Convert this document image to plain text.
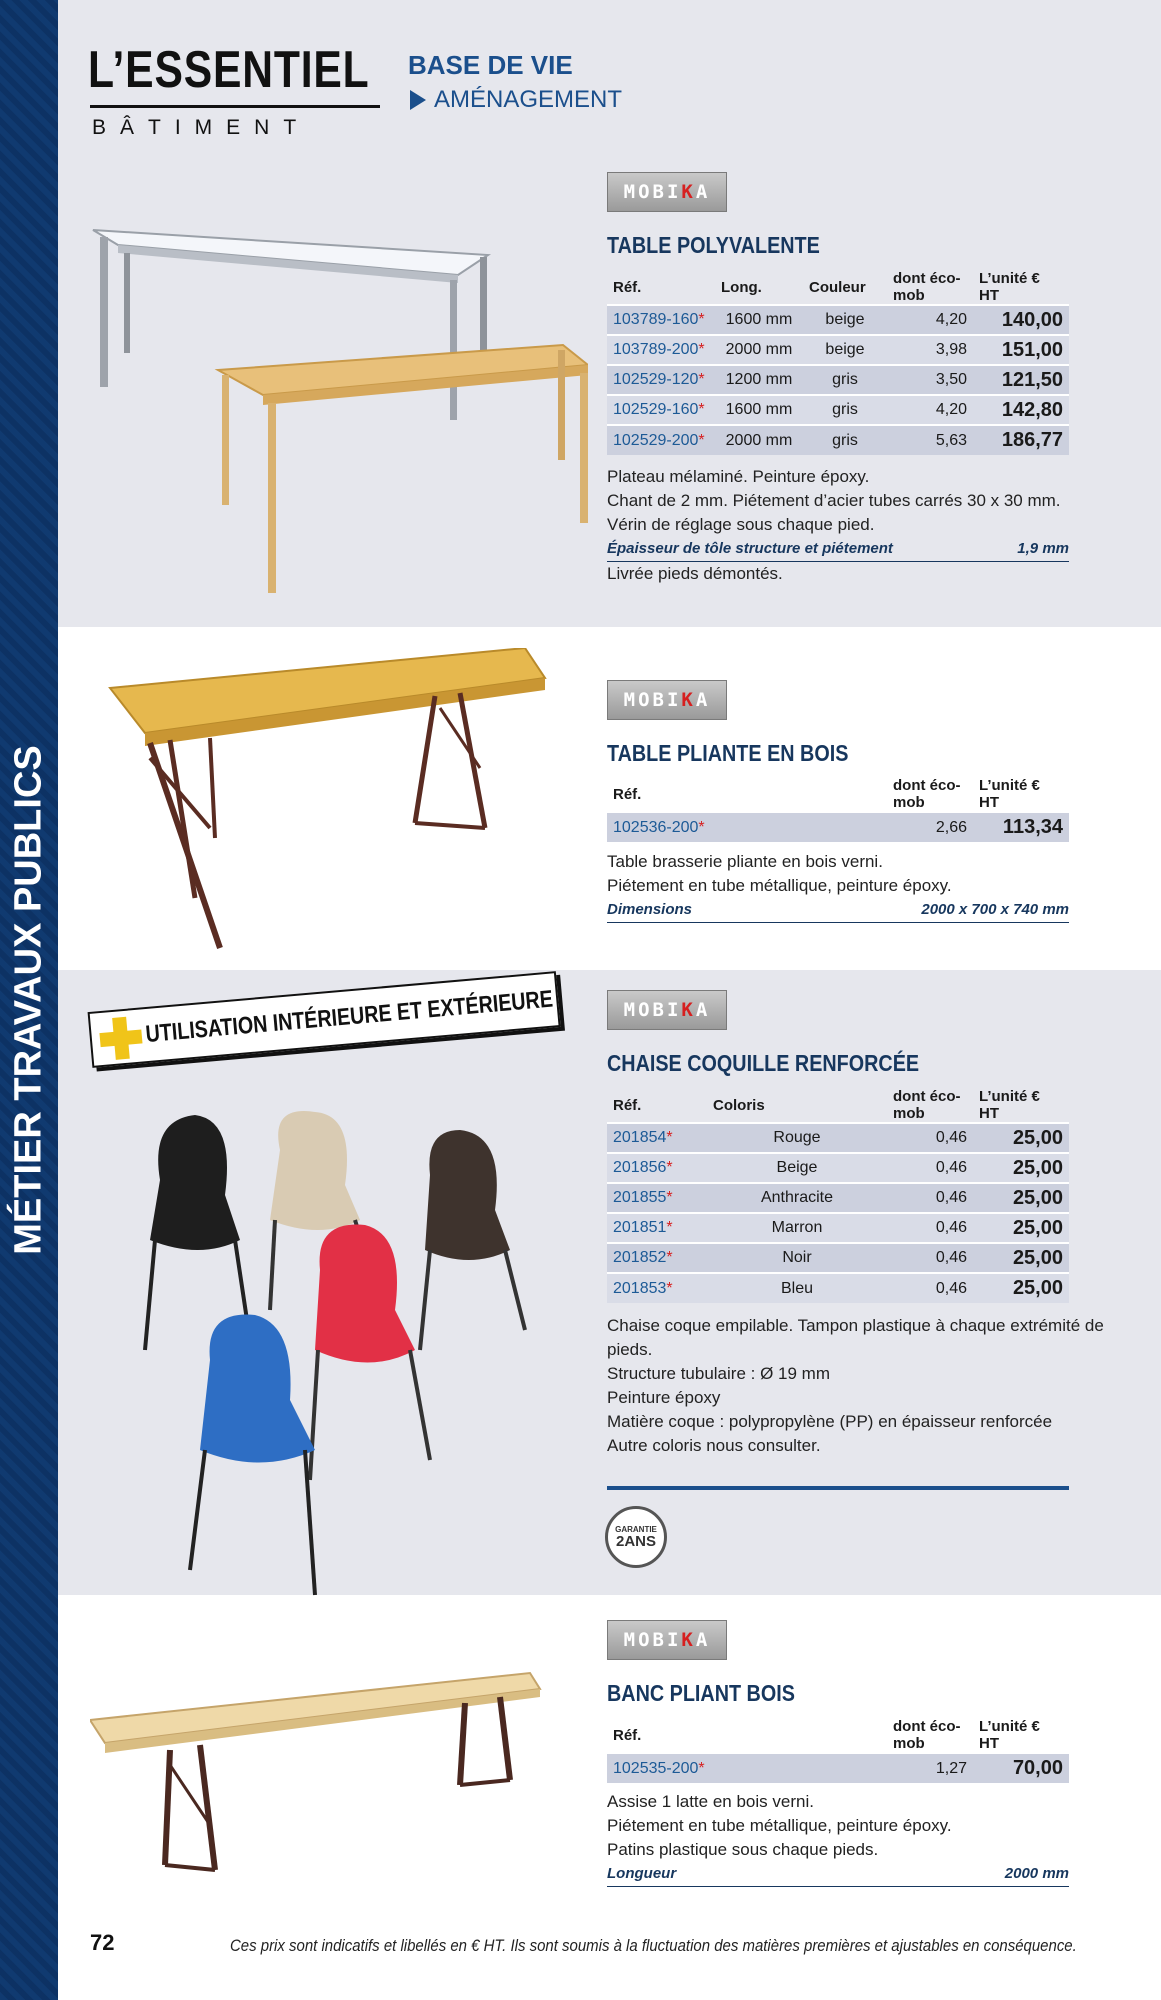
MÉTIER TRAVAUX PUBLICS
L’ESSENTIEL
BÂTIMENT
BASE DE VIE
AMÉNAGEMENT
MOBI K A
TABLE POLYVALENTE
Réf.	Long.	Couleur	dont éco-mob	L’unité € HT
103789-160*	1600 mm	beige	4,20	140,00
103789-200*	2000 mm	beige	3,98	151,00
102529-120*	1200 mm	gris	3,50	121,50
102529-160*	1600 mm	gris	4,20	142,80
102529-200*	2000 mm	gris	5,63	186,77
Plateau mélaminé. Peinture époxy.
Chant de 2 mm. Piétement d’acier tubes carrés 30 x 30 mm.
Vérin de réglage sous chaque pied.
Épaisseur de tôle structure et piétement	1,9 mm
Livrée pieds démontés.
MOBI K A
TABLE PLIANTE EN BOIS
Réf.	dont éco-mob	L’unité € HT
102536-200*	2,66	113,34
Table brasserie pliante en bois verni.
Piétement en tube métallique, peinture époxy.
Dimensions	2000 x 700 x 740 mm
UTILISATION INTÉRIEURE ET EXTÉRIEURE	MOBI K A
CHAISE COQUILLE RENFORCÉE
Réf.	Coloris	dont éco-mob	L’unité € HT
201854*	Rouge	0,46	25,00
201856*	Beige	0,46	25,00
201855*	Anthracite	0,46	25,00
201851*	Marron	0,46	25,00
201852*	Noir	0,46	25,00
201853*	Bleu	0,46	25,00
Chaise coque empilable. Tampon plastique à chaque extrémité de
pieds.
Structure tubulaire : Ø 19 mm
Peinture époxy
Matière coque : polypropylène (PP) en épaisseur renforcée
Autre coloris nous consulter.
GARANTIE
2ANS
MOBI K A
BANC PLIANT BOIS
Réf.	dont éco-mob	L’unité € HT
102535-200*	1,27	70,00
Assise 1 latte en bois verni.
Piétement en tube métallique, peinture époxy.
Patins plastique sous chaque pieds.
Longueur	2000 mm
72	Ces prix sont indicatifs et libellés en € HT. Ils sont soumis à la fluctuation des matières premières et ajustables en conséquence.
